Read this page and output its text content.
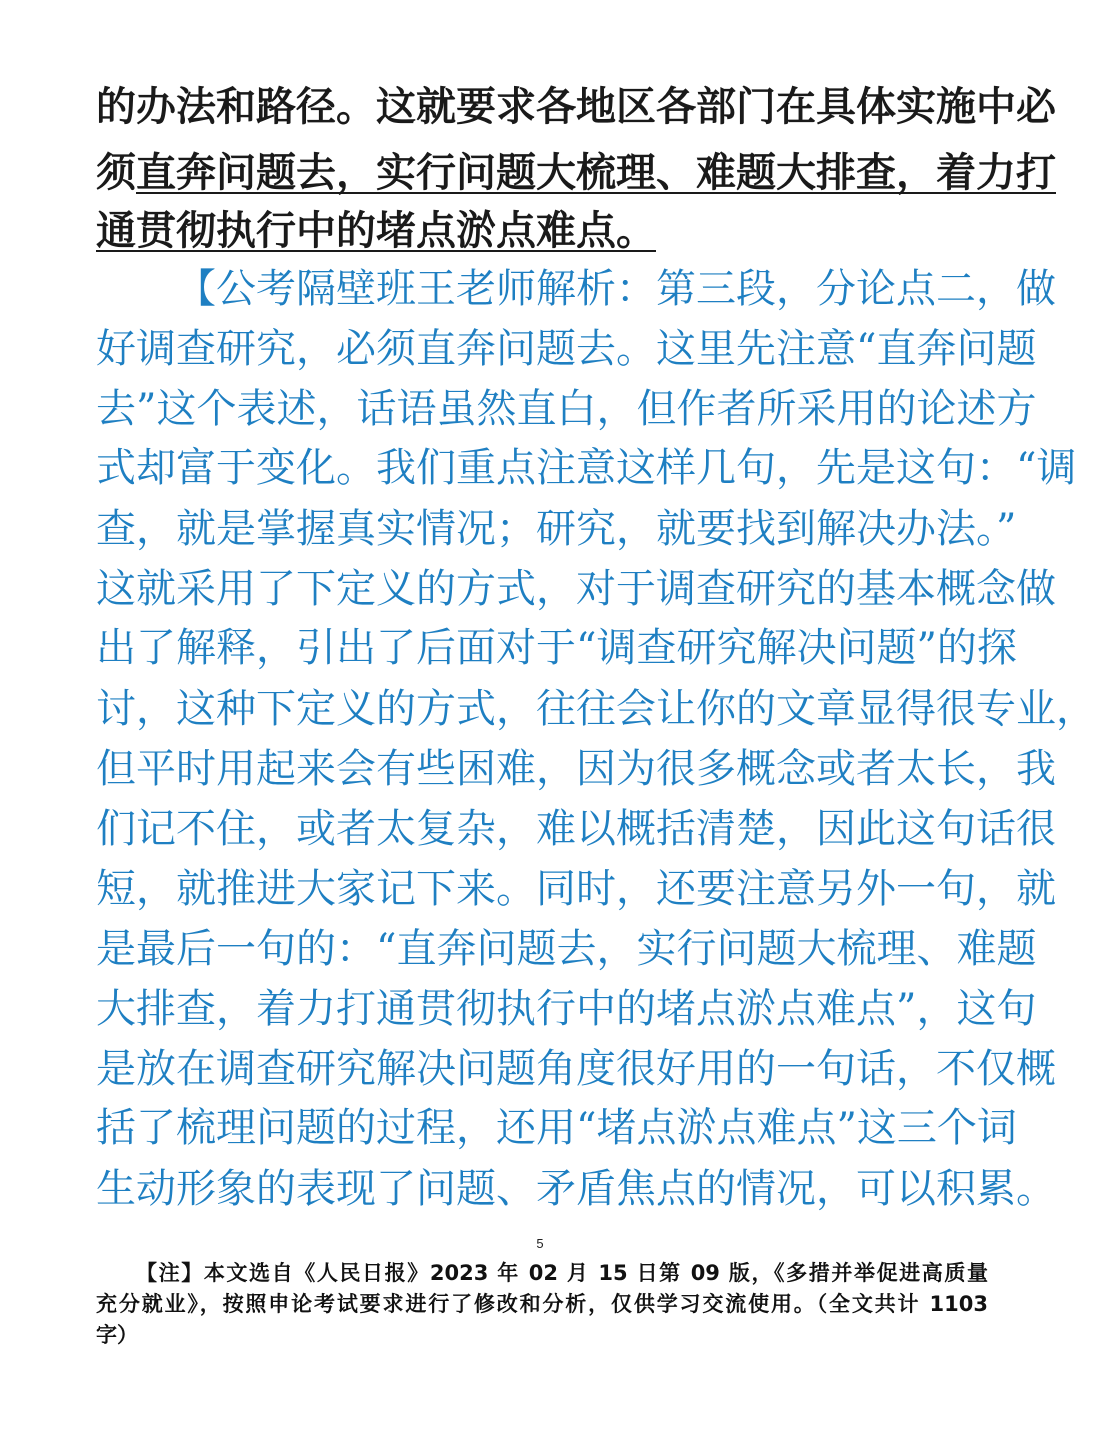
的办法和路径。这就要求各地区各部门在具体实施中必
须直奔问题去，实行问题大梳理、难题大排查，着力打
通贯彻执行中的堵点淤点难点。
【公考隔壁班王老师解析：第三段，分论点二，做
好调查研究，必须直奔问题去。这里先注意“直奔问题
去”这个表述，话语虽然直白，但作者所采用的论述方
式却富于变化。我们重点注意这样几句，先是这句：“调
查，就是掌握真实情况；研究，就要找到解决办法。”
这就采用了下定义的方式，对于调查研究的基本概念做
出了解释，引出了后面对于“调查研究解决问题”的探
讨，这种下定义的方式，往往会让你的文章显得很专业，
但平时用起来会有些困难，因为很多概念或者太长，我
们记不住，或者太复杂，难以概括清楚，因此这句话很
短，就推进大家记下来。同时，还要注意另外一句，就
是最后一句的：“直奔问题去，实行问题大梳理、难题
大排查，着力打通贯彻执行中的堵点淤点难点”，这句
是放在调查研究解决问题角度很好用的一句话，不仅概
括了梳理问题的过程，还用“堵点淤点难点”这三个词
生动形象的表现了问题、矛盾焦点的情况，可以积累。
5
【注】本文选自《人民日报》2023 年 02 月 15 日第 09 版，《多措并举促进高质量
充分就业》，按照申论考试要求进行了修改和分析，仅供学习交流使用。（全文共计 1103
字）
